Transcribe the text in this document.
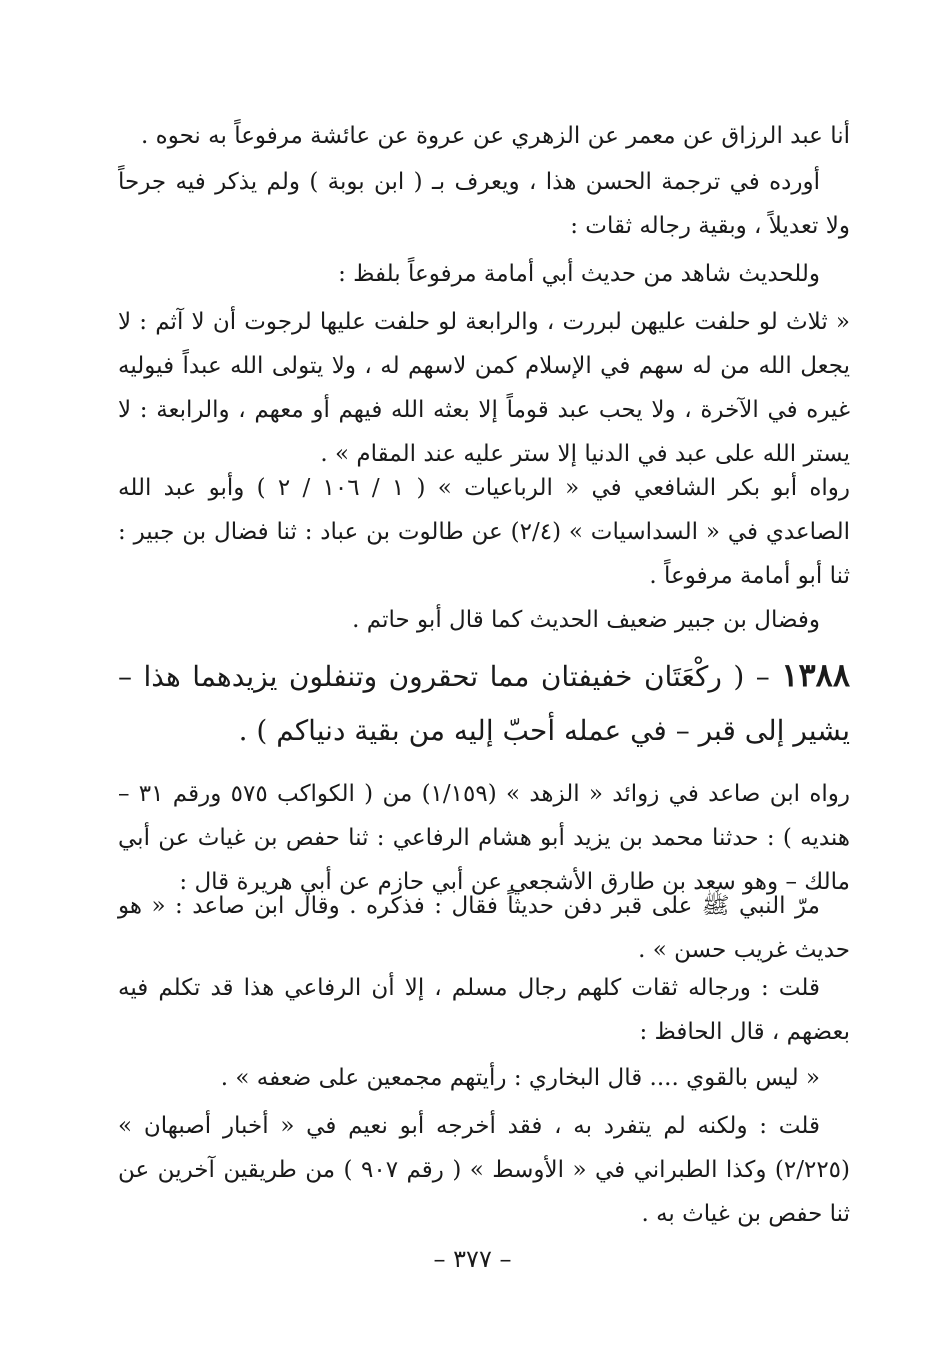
أنا عبد الرزاق عن معمر عن الزهري عن عروة عن عائشة مرفوعاً به نحوه .

أورده في ترجمة الحسن هذا ، ويعرف بـ ( ابن بوبة ) ولم يذكر فيه جرحاً ولا تعديلاً ، وبقية رجاله ثقات :

وللحديث شاهد من حديث أبي أمامة مرفوعاً بلفظ :

« ثلاث لو حلفت عليهن لبررت ، والرابعة لو حلفت عليها لرجوت أن لا آثم : لا يجعل الله من له سهم في الإسلام كمن لاسهم له ، ولا يتولى الله عبداً فيوليه غيره في الآخرة ، ولا يحب عبد قوماً إلا بعثه الله فيهم أو معهم ، والرابعة : لا يستر الله على عبد في الدنيا إلا ستر عليه عند المقام » .

رواه أبو بكر الشافعي في « الرباعيات » ( ١ / ١٠٦ / ٢ ) وأبو عبد الله الصاعدي في « السداسيات » (٢/٤) عن طالوت بن عباد : ثنا فضال بن جبير : ثنا أبو أمامة مرفوعاً .

وفضال بن جبير ضعيف الحديث كما قال أبو حاتم .

١٣٨٨ – ( ركْعَتَان خفيفتان مما تحقرون وتنفلون يزيدهما هذا – يشير إلى قبر – في عمله أحبّ إليه من بقية دنياكم ) .

رواه ابن صاعد في زوائد « الزهد » (١/١٥٩) من ( الكواكب ٥٧٥ ورقم ٣١ – هنديه ) : حدثنا محمد بن يزيد أبو هشام الرفاعي : ثنا حفص بن غياث عن أبي مالك – وهو سعد بن طارق الأشجعي عن أبي حازم عن أبي هريرة قال :

مرّ النبي ﷺ على قبر دفن حديثاً فقال : فذكره . وقال ابن صاعد : « هو حديث غريب حسن » .

قلت : ورجاله ثقات كلهم رجال مسلم ، إلا أن الرفاعي هذا قد تكلم فيه بعضهم ، قال الحافظ :

« ليس بالقوي .... قال البخاري : رأيتهم مجمعين على ضعفه » .

قلت : ولكنه لم يتفرد به ، فقد أخرجه أبو نعيم في « أخبار أصبهان » (٢/٢٢٥) وكذا الطبراني في « الأوسط » ( رقم ٩٠٧ ) من طريقين آخرين عن ثنا حفص بن غياث به .

– ٣٧٧ –
